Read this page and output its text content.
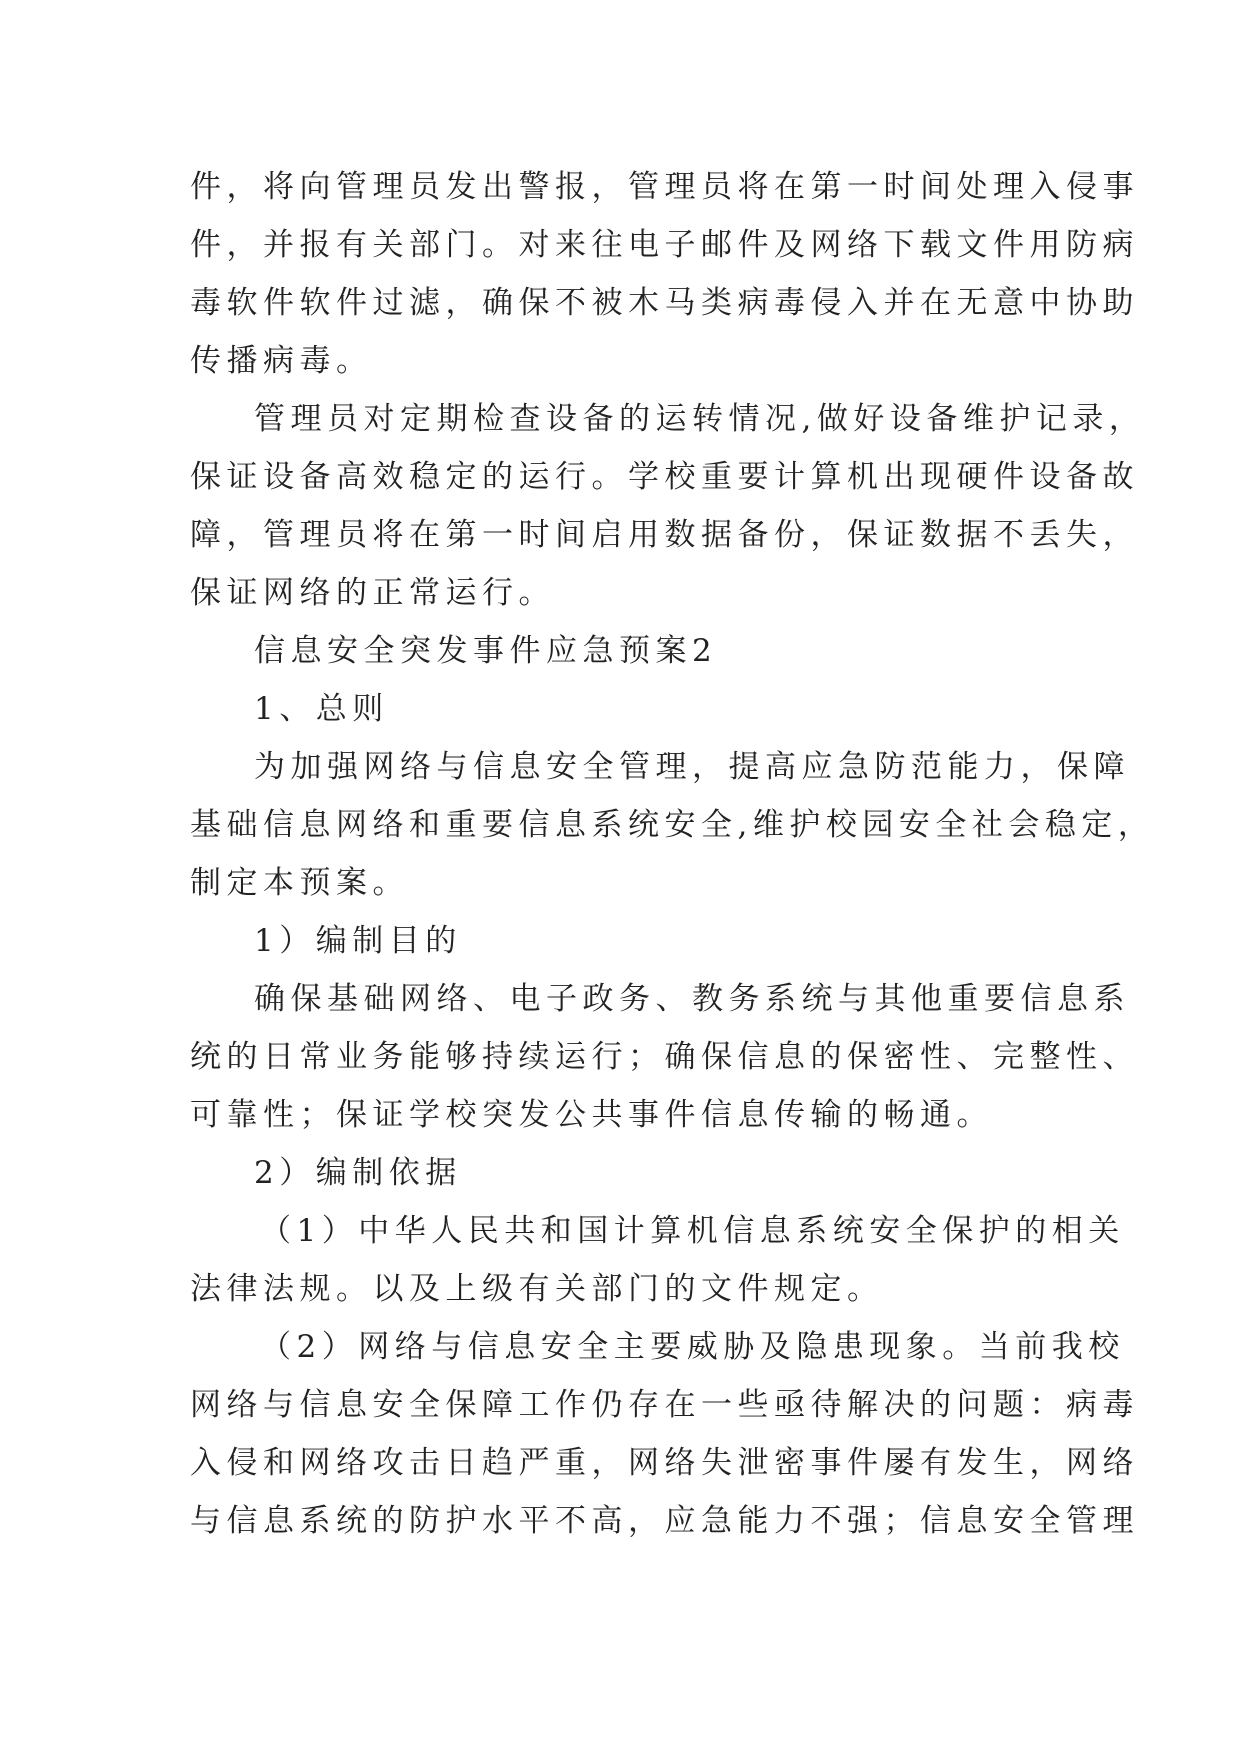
件，将向管理员发出警报，管理员将在第一时间处理入侵事
件，并报有关部门。对来往电子邮件及网络下载文件用防病
毒软件软件过滤，确保不被木马类病毒侵入并在无意中协助
传播病毒。
管理员对定期检查设备的运转情况,做好设备维护记录，
保证设备高效稳定的运行。学校重要计算机出现硬件设备故
障，管理员将在第一时间启用数据备份，保证数据不丢失，
保证网络的正常运行。
信息安全突发事件应急预案2
1、总则
为加强网络与信息安全管理，提高应急防范能力，保障
基础信息网络和重要信息系统安全,维护校园安全社会稳定，
制定本预案。
1）编制目的
确保基础网络、电子政务、教务系统与其他重要信息系
统的日常业务能够持续运行；确保信息的保密性、完整性、
可靠性；保证学校突发公共事件信息传输的畅通。
2）编制依据
（1）中华人民共和国计算机信息系统安全保护的相关
法律法规。以及上级有关部门的文件规定。
（2）网络与信息安全主要威胁及隐患现象。当前我校
网络与信息安全保障工作仍存在一些亟待解决的问题：病毒
入侵和网络攻击日趋严重，网络失泄密事件屡有发生，网络
与信息系统的防护水平不高，应急能力不强；信息安全管理
